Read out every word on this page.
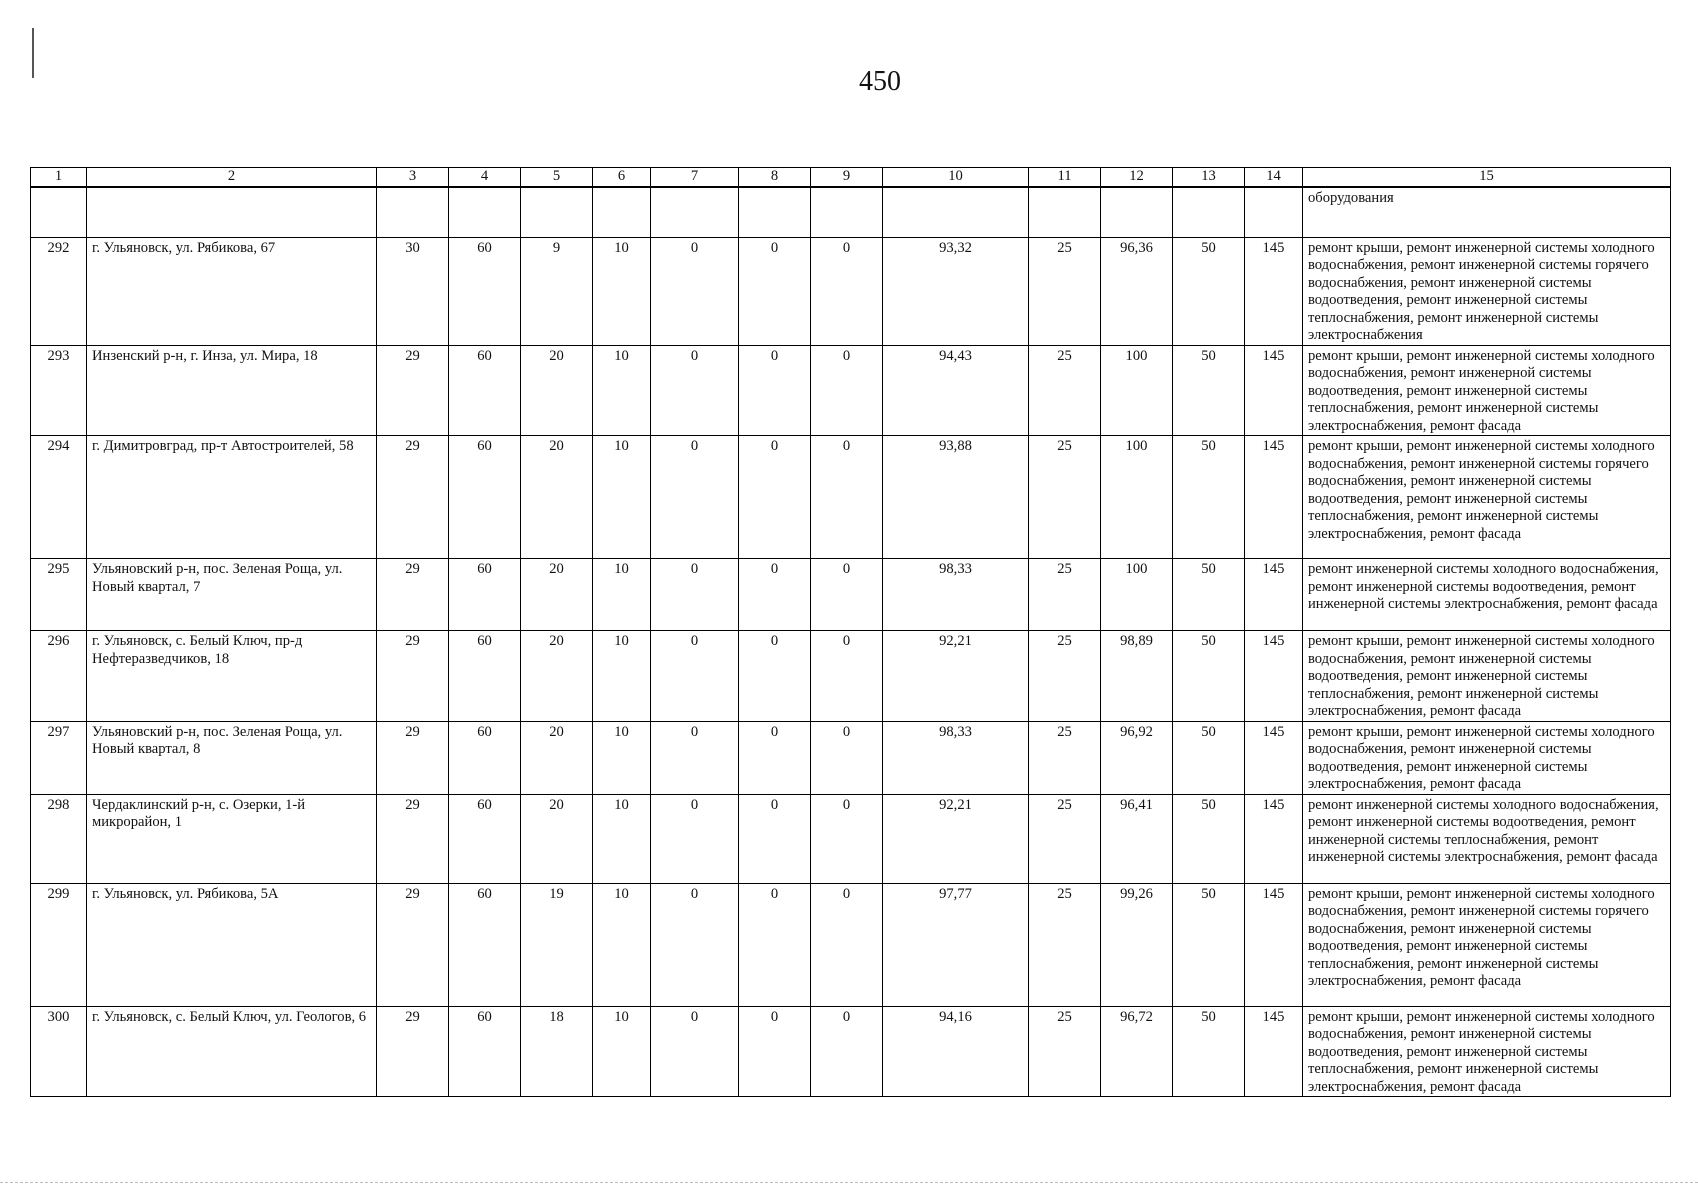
450
1	2	3	4	5	6	7	8	9	10	11	12	13	14	15
														оборудования
292	г. Ульяновск, ул. Рябикова, 67	30	60	9	10	0	0	0	93,32	25	96,36	50	145	ремонт крыши, ремонт инженерной системы холодного водоснабжения, ремонт инженерной системы горячего водоснабжения, ремонт инженерной системы водоотведения, ремонт инженерной системы теплоснабжения, ремонт инженерной системы электроснабжения
293	Инзенский р-н, г. Инза, ул. Мира, 18	29	60	20	10	0	0	0	94,43	25	100	50	145	ремонт крыши, ремонт инженерной системы холодного водоснабжения, ремонт инженерной системы водоотведения, ремонт инженерной системы теплоснабжения, ремонт инженерной системы электроснабжения, ремонт фасада
294	г. Димитровград, пр-т Автостроителей, 58	29	60	20	10	0	0	0	93,88	25	100	50	145	ремонт крыши, ремонт инженерной системы холодного водоснабжения, ремонт инженерной системы горячего водоснабжения, ремонт инженерной системы водоотведения, ремонт инженерной системы теплоснабжения, ремонт инженерной системы электроснабжения, ремонт фасада
295	Ульяновский р-н, пос. Зеленая Роща, ул. Новый квартал, 7	29	60	20	10	0	0	0	98,33	25	100	50	145	ремонт инженерной системы холодного водоснабжения, ремонт инженерной системы водоотведения, ремонт инженерной системы электроснабжения, ремонт фасада
296	г. Ульяновск, с. Белый Ключ, пр-д Нефтеразведчиков, 18	29	60	20	10	0	0	0	92,21	25	98,89	50	145	ремонт крыши, ремонт инженерной системы холодного водоснабжения, ремонт инженерной системы водоотведения, ремонт инженерной системы теплоснабжения, ремонт инженерной системы электроснабжения, ремонт фасада
297	Ульяновский р-н, пос. Зеленая Роща, ул. Новый квартал, 8	29	60	20	10	0	0	0	98,33	25	96,92	50	145	ремонт крыши, ремонт инженерной системы холодного водоснабжения, ремонт инженерной системы водоотведения, ремонт инженерной системы электроснабжения, ремонт фасада
298	Чердаклинский р-н, с. Озерки, 1-й микрорайон, 1	29	60	20	10	0	0	0	92,21	25	96,41	50	145	ремонт инженерной системы холодного водоснабжения, ремонт инженерной системы водоотведения, ремонт инженерной системы теплоснабжения, ремонт инженерной системы электроснабжения, ремонт фасада
299	г. Ульяновск, ул. Рябикова, 5А	29	60	19	10	0	0	0	97,77	25	99,26	50	145	ремонт крыши, ремонт инженерной системы холодного водоснабжения, ремонт инженерной системы горячего водоснабжения, ремонт инженерной системы водоотведения, ремонт инженерной системы теплоснабжения, ремонт инженерной системы электроснабжения, ремонт фасада
300	г. Ульяновск, с. Белый Ключ, ул. Геологов, 6	29	60	18	10	0	0	0	94,16	25	96,72	50	145	ремонт крыши, ремонт инженерной системы холодного водоснабжения, ремонт инженерной системы водоотведения, ремонт инженерной системы теплоснабжения, ремонт инженерной системы электроснабжения, ремонт фасада
